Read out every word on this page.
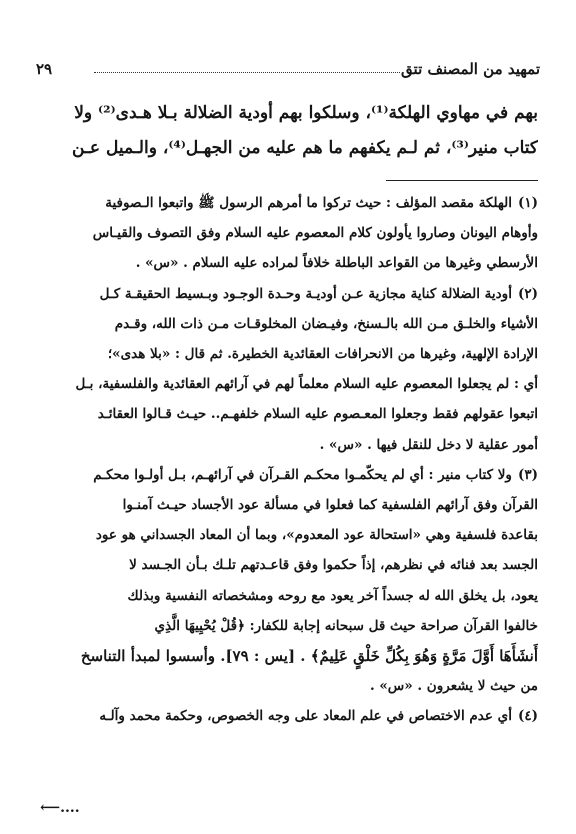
تمهيد من المصنف تتق
٢٩
بهم في مهاوي الهلكة⁽¹⁾، وسلكوا بهم أودية الضلالة بـلا هـدى⁽²⁾ ولا
كتاب منير⁽³⁾، ثم لـم يكفهم ما هم عليه من الجهـل⁽⁴⁾، والـميل عـن
(١)الهلكة مقصد المؤلف : حيث تركوا ما أمرهم الرسول ﷺ واتبعوا الـصوفية
وأوهام اليونان وصاروا يأولون كلام المعصوم عليه السلام وفق التصوف والقيـاس
الأرسطي وغيرها من القواعد الباطلة خلافاً لمراده عليه السلام . «س» .
(٢)أودية الضلالة كناية مجازية عـن أوديـة وحـدة الوجـود وبـسيط الحقيقـة كـل
الأشياء والخلـق مـن الله بالـسنخ، وفيـضان المخلوقـات مـن ذات الله، وقـدم
الإرادة الإلهية، وغيرها من الانحرافات العقائدية الخطيرة. ثم قال : «بلا هدى»؛
أي : لم يجعلوا المعصوم عليه السلام معلماً لهم في آرائهم العقائدية والفلسفية، بـل
اتبعوا عقولهم فقط وجعلوا المعـصوم عليه السلام خلفهـم.. حيـث قـالوا العقائـد
أمور عقلية لا دخل للنقل فيها . «س» .
(٣)ولا كتاب منير : أي لم يحكّمـوا محكـم القـرآن في آرائهـم، بـل أولـوا محكـم
القرآن وفق آرائهم الفلسفية كما فعلوا في مسألة عود الأجساد حيـث آمنـوا
بقاعدة فلسفية وهي «استحالة عود المعدوم»، وبما أن المعاد الجسداني هو عود
الجسد بعد فنائه في نظرهم، إذاً حكموا وفق قاعـدتهم تلـك بـأن الجـسد لا
يعود، بل يخلق الله له جسداً آخر يعود مع روحه ومشخصاته النفسية وبذلك
خالفوا القرآن صراحة حيث قل سبحانه إجابة للكفار: ﴿قُلْ يُحْيِيهَا الَّذِي
أَنشَأَهَا أَوَّلَ مَرَّةٍ وَهُوَ بِكُلِّ خَلْقٍ عَلِيمٌ﴾ . [يس : ٧٩]. وأسسوا لمبدأ التناسخ
من حيث لا يشعرون . «س» .
(٤)أي عدم الاختصاص في علم المعاد على وجه الخصوص، وحكمة محمد وآلـه
⟵....
